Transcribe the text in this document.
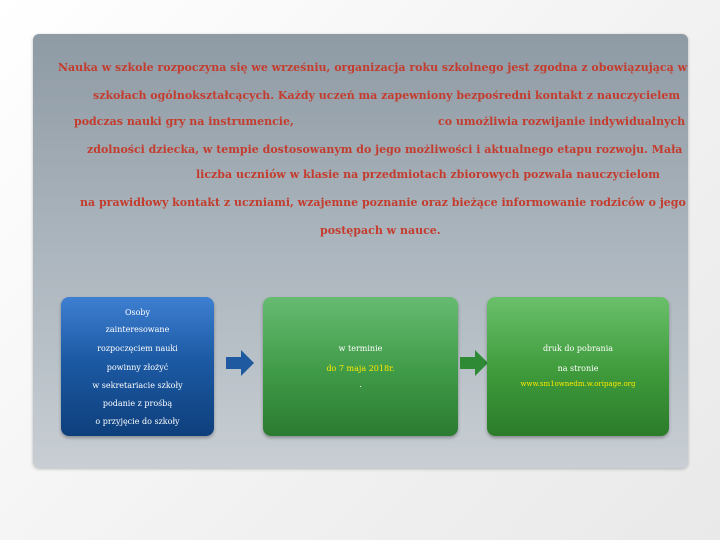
Nauka w szkole rozpoczyna się we wrześniu, organizacja roku szkolnego jest zgodna z obowiązującą w
szkołach ogólnokształcących. Każdy uczeń ma zapewniony bezpośredni kontakt z nauczycielem
podczas nauki gry na instrumencie,	co umożliwia rozwijanie indywidualnych
zdolności dziecka, w tempie dostosowanym do jego możliwości i aktualnego etapu rozwoju. Mała
liczba uczniów w klasie na przedmiotach zbiorowych pozwala nauczycielom
na prawidłowy kontakt z uczniami, wzajemne poznanie oraz bieżące informowanie rodziców o jego
postępach w nauce.
Osoby
zainteresowane
rozpoczęciem nauki
powinny złożyć
w sekretariacie szkoły
podanie z prośbą
o przyjęcie do szkoły
w terminie
do 7 maja 2018r.
.
druk do pobrania
na stronie
www.sm1ownedm.w.oripage.org
